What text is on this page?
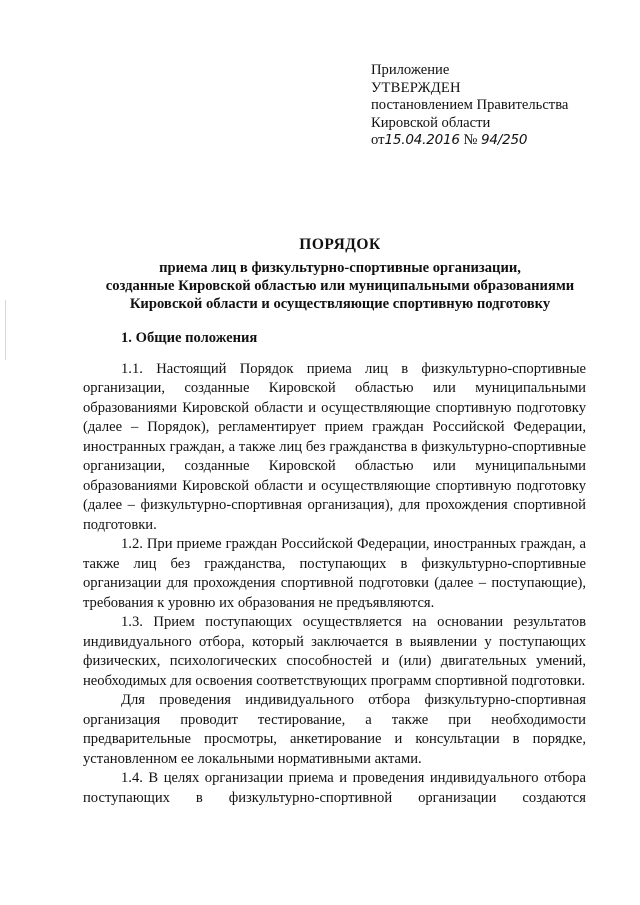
Приложение

УТВЕРЖДЕН

постановлением Правительства

Кировской области

от15.04.2016 № 94/250

ПОРЯДОК

приема лиц в физкультурно-спортивные организации,

созданные Кировской областью или муниципальными образованиями

Кировской области и осуществляющие спортивную подготовку

1. Общие положения

1.1. Настоящий Порядок приема лиц в физкультурно-спортивные организации, созданные Кировской областью или муниципальными образованиями Кировской области и осуществляющие спортивную подготовку (далее – Порядок), регламентирует прием граждан Российской Федерации, иностранных граждан, а также лиц без гражданства в физкультурно-спортивные организации, созданные Кировской областью или муниципальными образованиями Кировской области и осуществляющие спортивную подготовку (далее – физкультурно-спортивная организация), для прохождения спортивной подготовки.

1.2. При приеме граждан Российской Федерации, иностранных граждан, а также лиц без гражданства, поступающих в физкультурно-спортивные организации для прохождения спортивной подготовки (далее – поступающие), требования к уровню их образования не предъявляются.

1.3. Прием поступающих осуществляется на основании результатов индивидуального отбора, который заключается в выявлении у поступающих физических, психологических способностей и (или) двигательных умений, необходимых для освоения соответствующих программ спортивной подготовки.

Для проведения индивидуального отбора физкультурно-спортивная организация проводит тестирование, а также при необходимости предварительные просмотры, анкетирование и консультации в порядке, установленном ее локальными нормативными актами.

1.4. В целях организации приема и проведения индивидуального отбора поступающих в физкультурно-спортивной организации создаются
